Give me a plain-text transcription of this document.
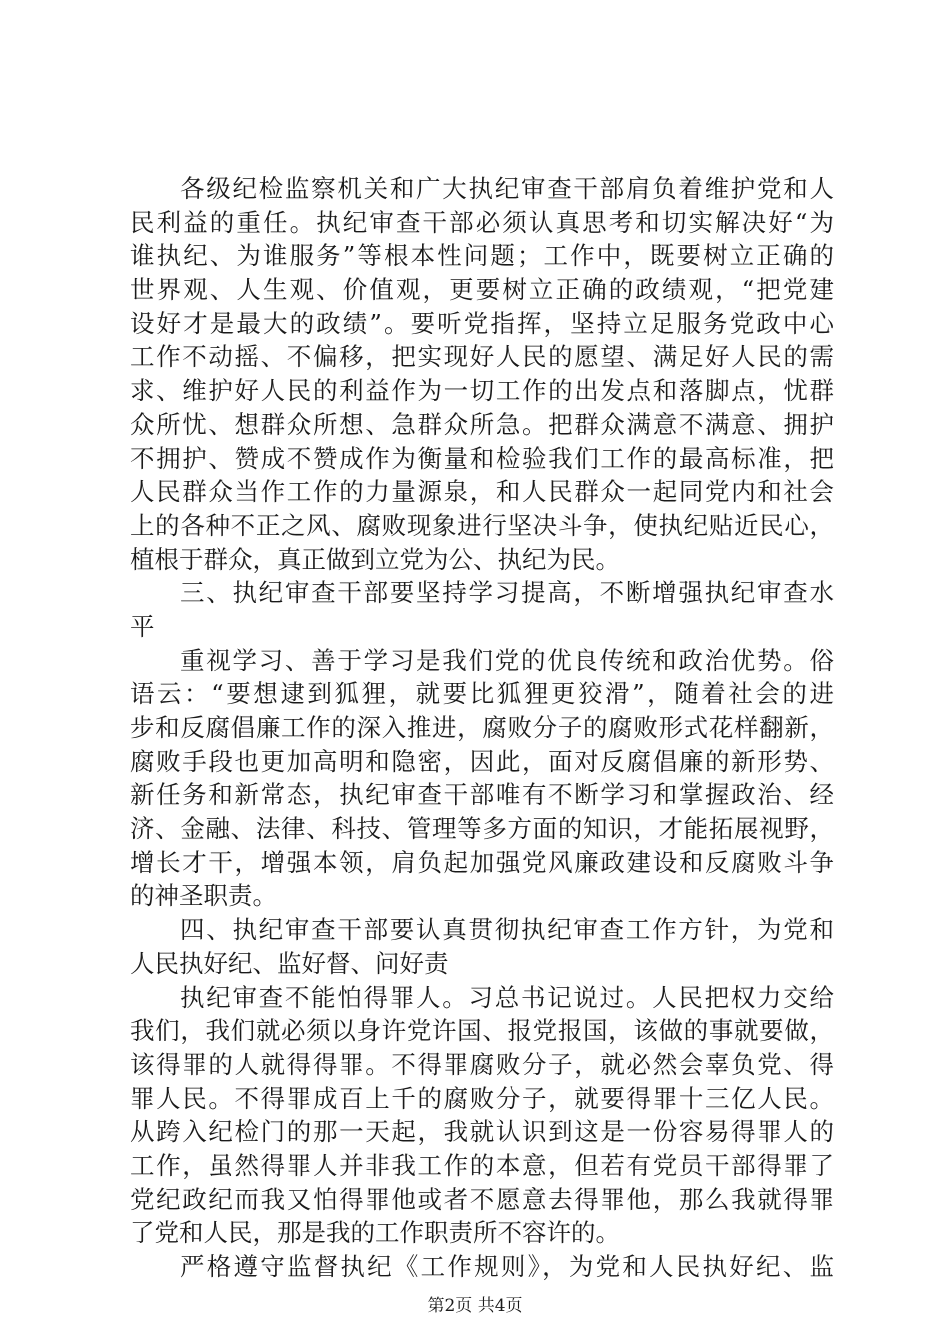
各级纪检监察机关和广大执纪审查干部肩负着维护党和人
民利益的重任。执纪审查干部必须认真思考和切实解决好“为
谁执纪、为谁服务”等根本性问题；工作中，既要树立正确的
世界观、人生观、价值观，更要树立正确的政绩观，“把党建
设好才是最大的政绩”。要听党指挥，坚持立足服务党政中心
工作不动摇、不偏移，把实现好人民的愿望、满足好人民的需
求、维护好人民的利益作为一切工作的出发点和落脚点，忧群
众所忧、想群众所想、急群众所急。把群众满意不满意、拥护
不拥护、赞成不赞成作为衡量和检验我们工作的最高标准，把
人民群众当作工作的力量源泉，和人民群众一起同党内和社会
上的各种不正之风、腐败现象进行坚决斗争，使执纪贴近民心，
植根于群众，真正做到立党为公、执纪为民。
三、执纪审查干部要坚持学习提高，不断增强执纪审查水
平
重视学习、善于学习是我们党的优良传统和政治优势。俗
语云：“要想逮到狐狸，就要比狐狸更狡滑”，随着社会的进
步和反腐倡廉工作的深入推进，腐败分子的腐败形式花样翻新，
腐败手段也更加高明和隐密，因此，面对反腐倡廉的新形势、
新任务和新常态，执纪审查干部唯有不断学习和掌握政治、经
济、金融、法律、科技、管理等多方面的知识，才能拓展视野，
增长才干，增强本领，肩负起加强党风廉政建设和反腐败斗争
的神圣职责。
四、执纪审查干部要认真贯彻执纪审查工作方针，为党和
人民执好纪、监好督、问好责
执纪审查不能怕得罪人。习总书记说过。人民把权力交给
我们，我们就必须以身许党许国、报党报国，该做的事就要做，
该得罪的人就得得罪。不得罪腐败分子，就必然会辜负党、得
罪人民。不得罪成百上千的腐败分子，就要得罪十三亿人民。
从跨入纪检门的那一天起，我就认识到这是一份容易得罪人的
工作，虽然得罪人并非我工作的本意，但若有党员干部得罪了
党纪政纪而我又怕得罪他或者不愿意去得罪他，那么我就得罪
了党和人民，那是我的工作职责所不容许的。
严格遵守监督执纪《工作规则》，为党和人民执好纪、监
第2页 共4页
